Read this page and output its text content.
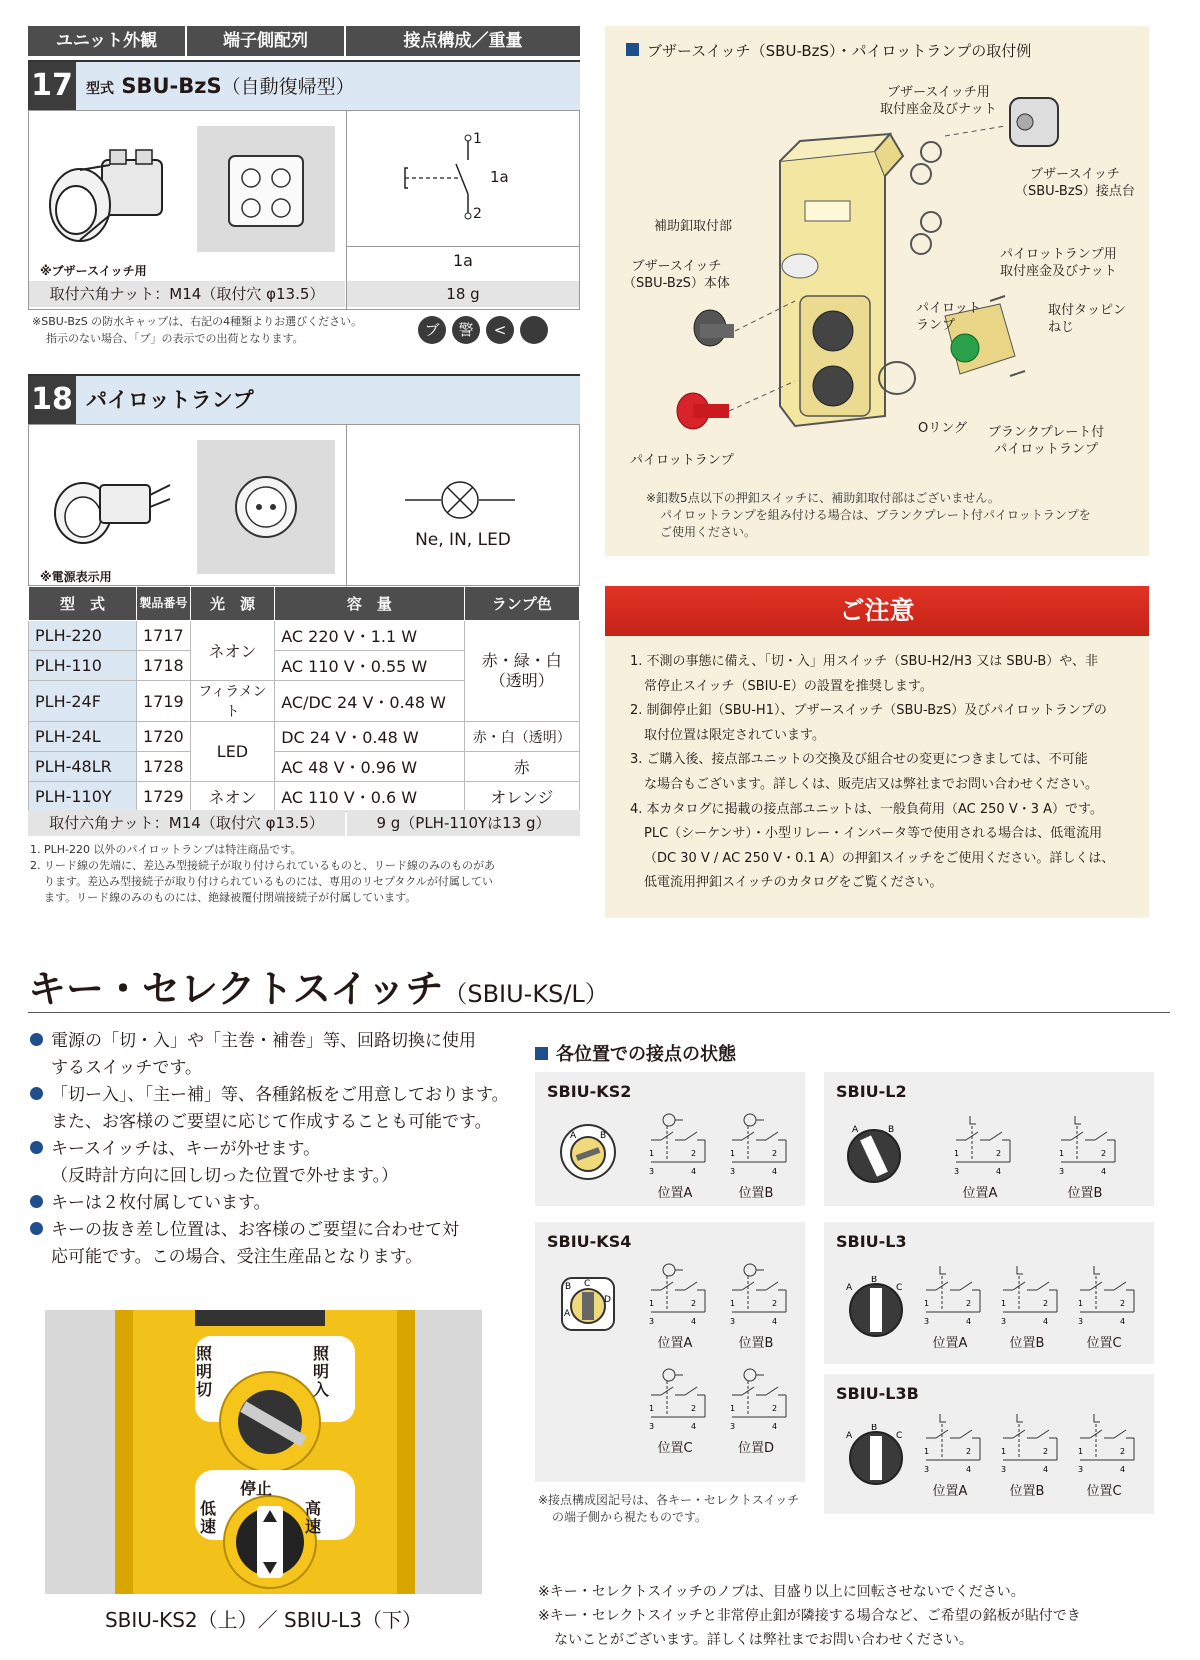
ユニット外観	端子側配列	接点構成／重量
17 型式 SBU-BzS（自動復帰型）
※ブザースイッチ用
1
2
1a
1a
取付六角ナット：M14（取付穴 φ13.5）	18 g
※SBU-BzS の防水キャップは、右記の4種類よりお選びください。
指示のない場合、「ブ」の表示での出荷となります。	ブ	警	<
18 パイロットランプ
※電源表示用
Ne, IN, LED
型　式	製品番号	光　源	容　量	ランプ色
PLH-220	1717	ネオン	AC 220 V・1.1 W	赤・緑・白（透明）
PLH-110	1718		AC 110 V・0.55 W	
PLH-24F	1719	フィラメント	AC/DC 24 V・0.48 W	
PLH-24L	1720	LED	DC 24 V・0.48 W	赤・白（透明）
PLH-48LR	1728		AC 48 V・0.96 W	赤
PLH-110Y	1729	ネオン	AC 110 V・0.6 W	オレンジ
取付六角ナット：M14（取付穴 φ13.5）	9 g（PLH-110Yは13 g）
1. PLH-220 以外のパイロットランプは特注商品です。
2. リード線の先端に、差込み型接続子が取り付けられているものと、リード線のみのものがあ
ります。差込み型接続子が取り付けられているものには、専用のリセプタクルが付属してい
ます。リード線のみのものには、絶縁被覆付閉端接続子が付属しています。
ブザースイッチ（SBU-BzS）・パイロットランプの取付例
ブザースイッチ用
取付座金及びナット
ブザースイッチ
（SBU-BzS）接点台
補助釦取付部
ブザースイッチ
（SBU-BzS）本体
パイロットランプ用
取付座金及びナット
パイロット
ランプ
取付タッピン
ねじ
Oリング ブランクプレート付
パイロットランプ
パイロットランプ
※釦数5点以下の押釦スイッチに、補助釦取付部はございません。
パイロットランプを組み付ける場合は、ブランクプレート付パイロットランプを
ご使用ください。
ご注意
1. 不測の事態に備え、「切・入」用スイッチ（SBU-H2/H3 又は SBU-B）や、非
常停止スイッチ（SBIU-E）の設置を推奨します。
2. 制御停止釦（SBU-H1）、ブザースイッチ（SBU-BzS）及びパイロットランプの
取付位置は限定されています。
3. ご購入後、接点部ユニットの交換及び組合せの変更につきましては、不可能
な場合もございます。詳しくは、販売店又は弊社までお問い合わせください。
4. 本カタログに掲載の接点部ユニットは、一般負荷用（AC 250 V・3 A）です。
PLC（シーケンサ）・小型リレー・インバータ等で使用される場合は、低電流用
（DC 30 V / AC 250 V・0.1 A）の押釦スイッチをご使用ください。詳しくは、
低電流用押釦スイッチのカタログをご覧ください。
キー・セレクトスイッチ（SBIU-KS/L）
電源の「切・入」や「主巻・補巻」等、回路切換に使用
するスイッチです。
「切ー入」、「主ー補」等、各種銘板をご用意しております。
また、お客様のご要望に応じて作成することも可能です。
キースイッチは、キーが外せます。
（反時計方向に回し切った位置で外せます。）
キーは２枚付属しています。
キーの抜き差し位置は、お客様のご要望に合わせて対
応可能です。この場合、受注生産品となります。
照明切
照明入
停止
低速
高速
SBIU-KS2（上）／ SBIU-L3（下）
各位置での接点の状態
SBIU-KS2	SBIU-L2
SBIU-KS4	SBIU-L3
SBIU-L3B
A	B
A	B
B C
A
D
A
B
C
A
B
C
1	2
3	4
1	2
3	4
1	2
3	4
1	2
3	4
1	2
3	4
1	2
3	4
1	2
3	4
1	2
3	4
1	2
3	4
1	2
3	4
1	2
3	4
1	2
3	4
1	2
3	4
1	2
3	4
位置A	位置B	位置A	位置B
位置A	位置B
位置C	位置D
位置A	位置B	位置C
位置A	位置B	位置C
※接点構成図記号は、各キー・セレクトスイッチ
の端子側から視たものです。
※キー・セレクトスイッチのノブは、目盛り以上に回転させないでください。
※キー・セレクトスイッチと非常停止釦が隣接する場合など、ご希望の銘板が貼付でき
ないことがございます。詳しくは弊社までお問い合わせください。
